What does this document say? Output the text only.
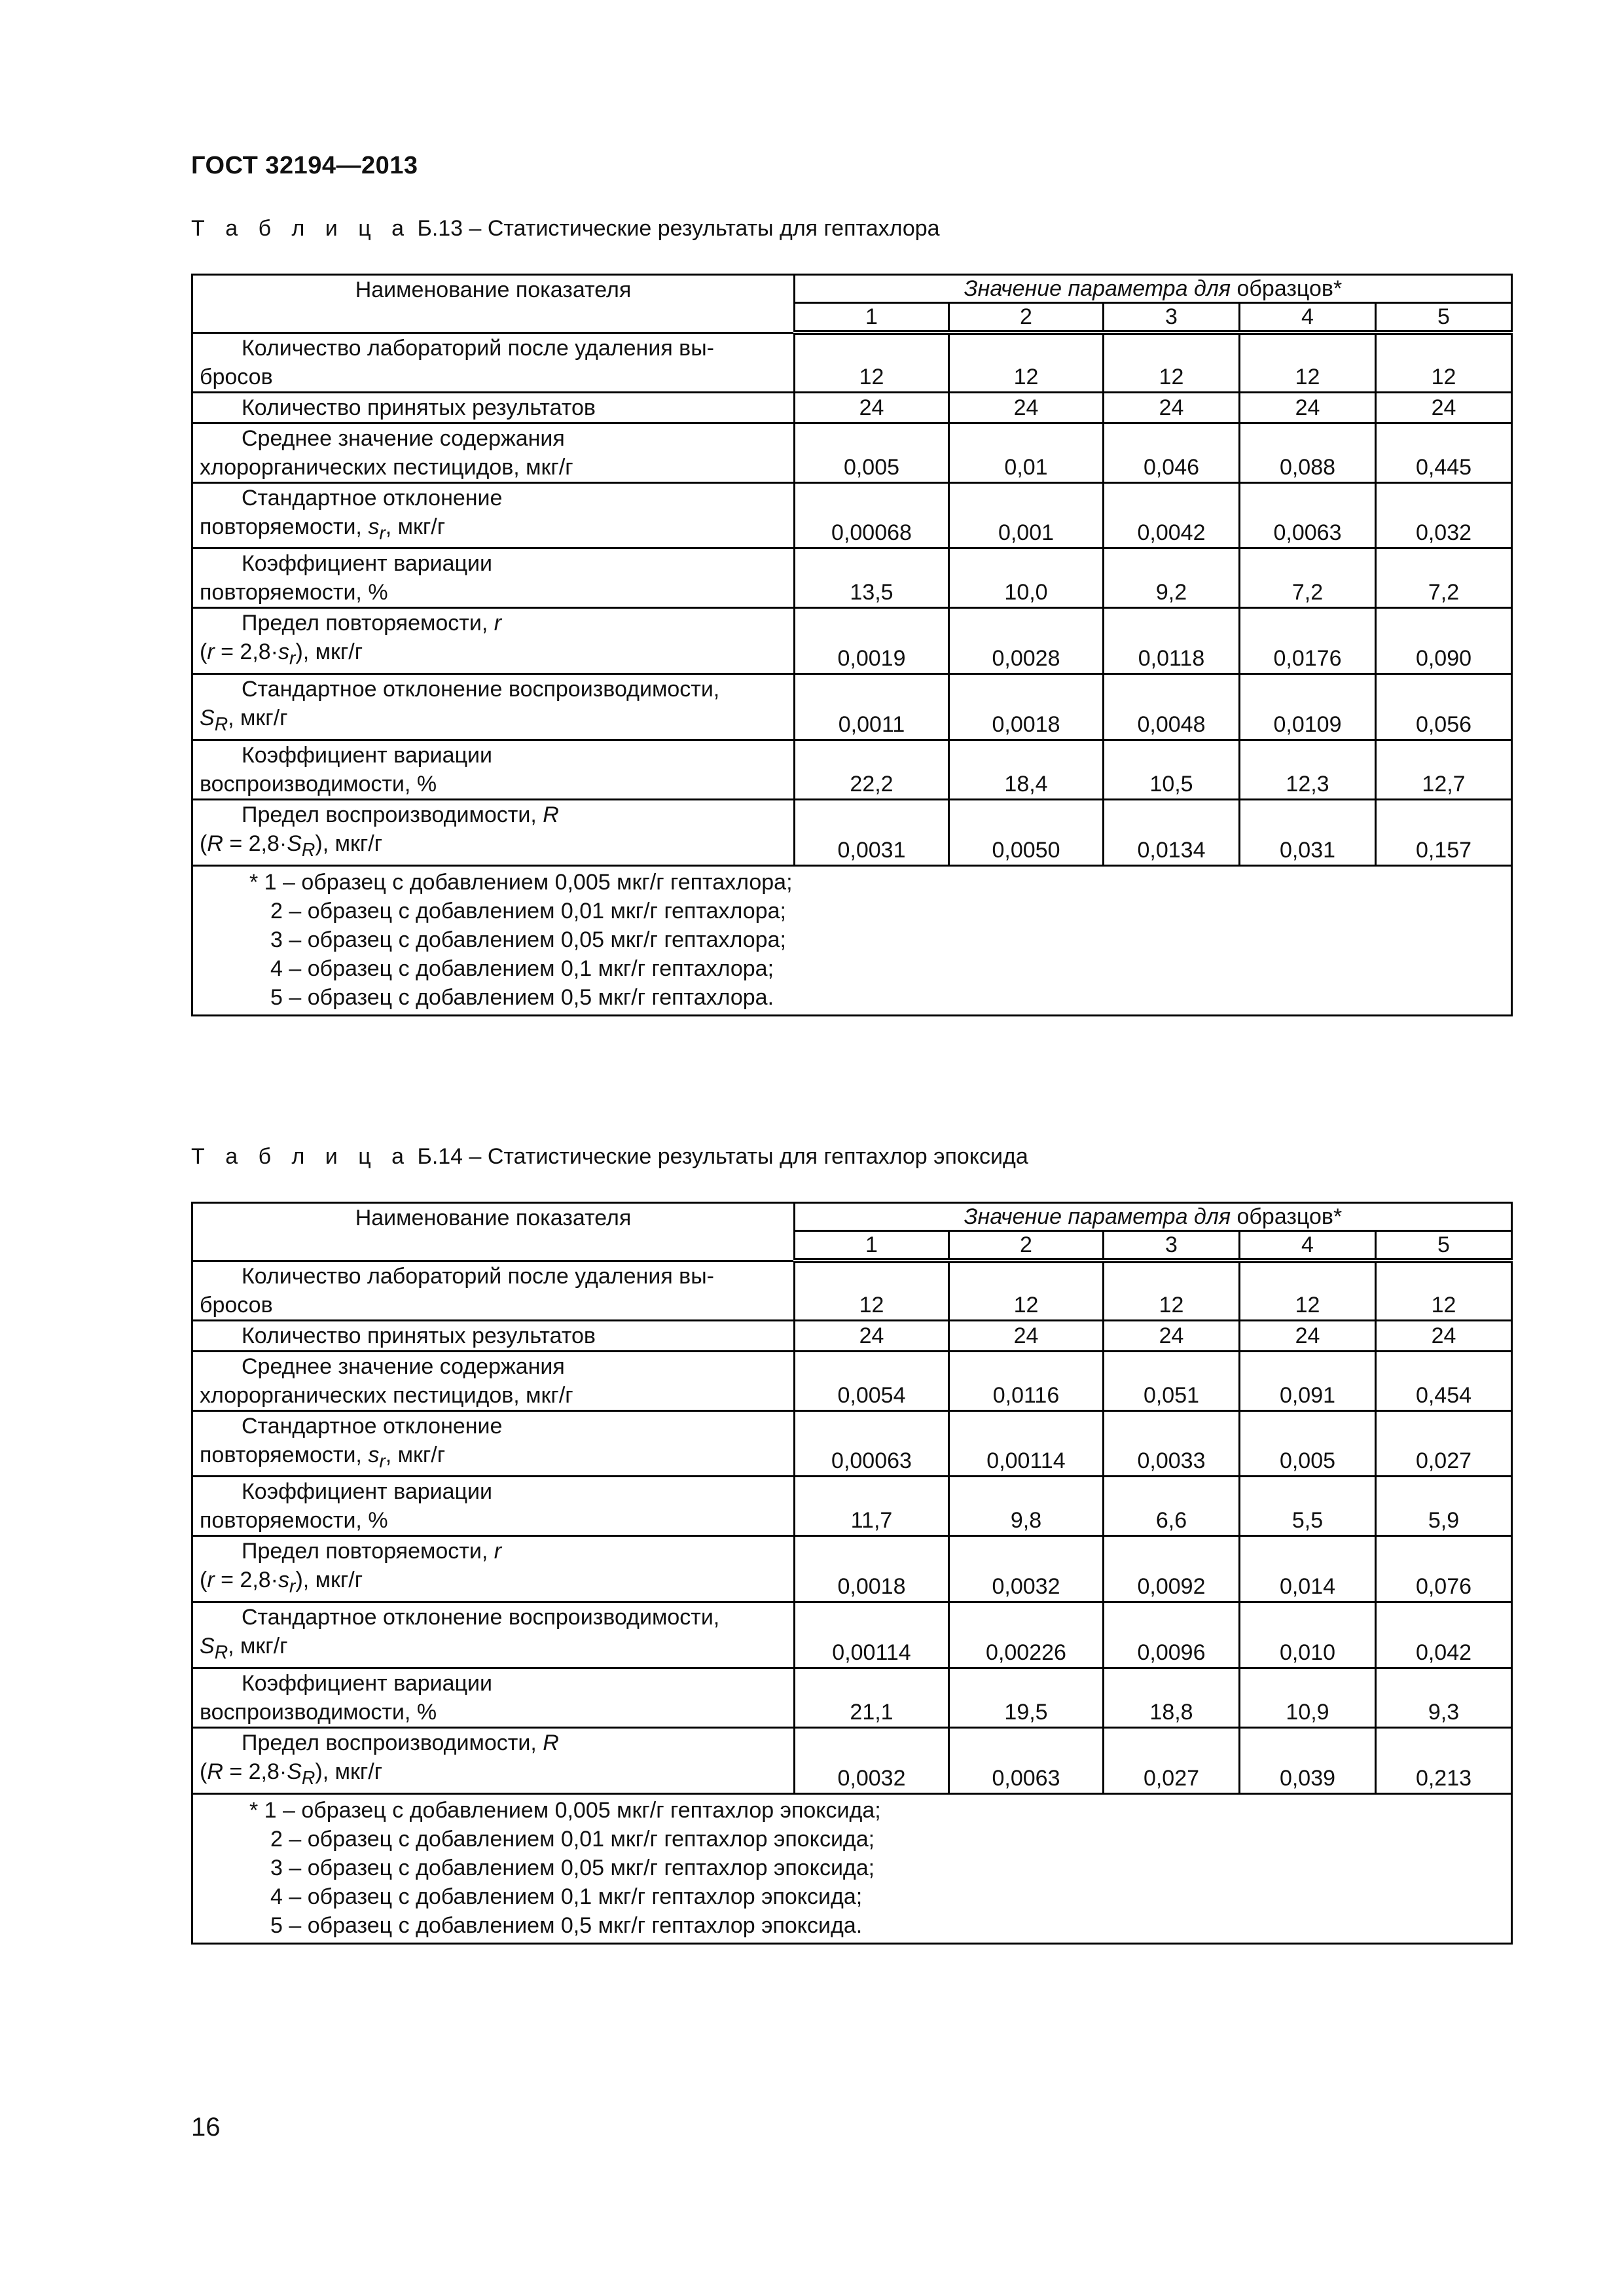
ГОСТ 32194—2013
Т а б л и ц а Б.13 – Статистические результаты для гептахлора
Наименование показателя	Значение параметра для образцов*				
	1	2	3	4	5

Количество лабораторий после удаления вы-
бросов	12	12	12	12	12

Количество принятых результатов	24	24	24	24	24

Среднее значение содержания
хлорорганических пестицидов, мкг/г	0,005	0,01	0,046	0,088	0,445

Стандартное отклонение
повторяемости, $s_r$, мкг/г	0,00068	0,001	0,0042	0,0063	0,032

Коэффициент вариации
повторяемости, %	13,5	10,0	9,2	7,2	7,2

Предел повторяемости, r
$(r = 2,8\cdot s_r)$, мкг/г	0,0019	0,0028	0,0118	0,0176	0,090

Стандартное отклонение воспроизводимости,
$S_R$, мкг/г	0,0011	0,0018	0,0048	0,0109	0,056

Коэффициент вариации
воспроизводимости, %	22,2	18,4	10,5	12,3	12,7

Предел воспроизводимости, R
$(R = 2,8\cdot S_R)$, мкг/г	0,0031	0,0050	0,0134	0,031	0,157

* 1 – образец с добавлением 0,005 мкг/г гептахлора;
2 – образец с добавлением 0,01 мкг/г гептахлора;
3 – образец с добавлением 0,05 мкг/г гептахлора;
4 – образец с добавлением 0,1 мкг/г гептахлора;
5 – образец с добавлением 0,5 мкг/г гептахлора.					
Т а б л и ц а Б.14 – Статистические результаты для гептахлор эпоксида
Наименование показателя	Значение параметра для образцов*				
	1	2	3	4	5

Количество лабораторий после удаления вы-
бросов	12	12	12	12	12

Количество принятых результатов	24	24	24	24	24

Среднее значение содержания
хлорорганических пестицидов, мкг/г	0,0054	0,0116	0,051	0,091	0,454

Стандартное отклонение
повторяемости, $s_r$, мкг/г	0,00063	0,00114	0,0033	0,005	0,027

Коэффициент вариации
повторяемости, %	11,7	9,8	6,6	5,5	5,9

Предел повторяемости, r
$(r = 2,8\cdot s_r)$, мкг/г	0,0018	0,0032	0,0092	0,014	0,076

Стандартное отклонение воспроизводимости,
$S_R$, мкг/г	0,00114	0,00226	0,0096	0,010	0,042

Коэффициент вариации
воспроизводимости, %	21,1	19,5	18,8	10,9	9,3

Предел воспроизводимости, R
$(R = 2,8\cdot S_R)$, мкг/г	0,0032	0,0063	0,027	0,039	0,213

* 1 – образец с добавлением 0,005 мкг/г гептахлор эпоксида;
2 – образец с добавлением 0,01 мкг/г гептахлор эпоксида;
3 – образец с добавлением 0,05 мкг/г гептахлор эпоксида;
4 – образец с добавлением 0,1 мкг/г гептахлор эпоксида;
5 – образец с добавлением 0,5 мкг/г гептахлор эпоксида.					
16
